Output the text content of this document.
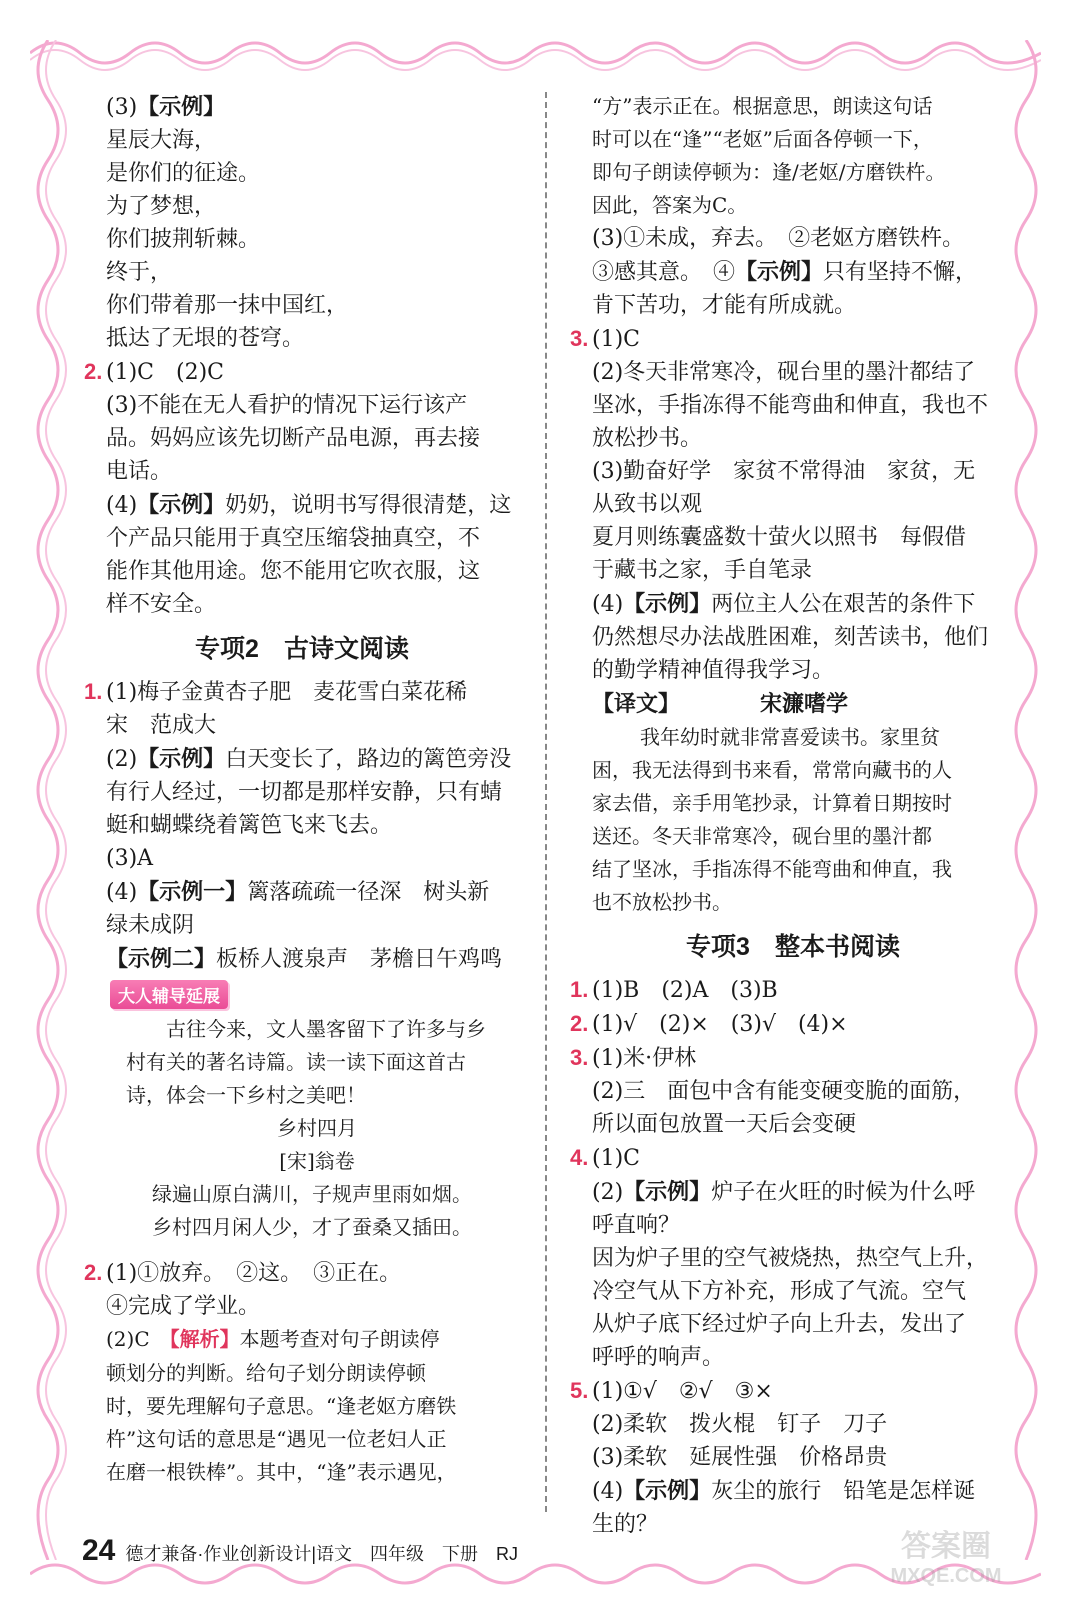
(3)【示例】
星辰大海，
是你们的征途。
为了梦想，
你们披荆斩棘。
终于，
你们带着那一抹中国红，
抵达了无垠的苍穹。
2. (1)C　(2)C
(3)不能在无人看护的情况下运行该产
品。妈妈应该先切断产品电源，再去接
电话。
(4)【示例】奶奶，说明书写得很清楚，这
个产品只能用于真空压缩袋抽真空，不
能作其他用途。您不能用它吹衣服，这
样不安全。
专项2　古诗文阅读
1. (1)梅子金黄杏子肥　麦花雪白菜花稀
宋　范成大
(2)【示例】白天变长了，路边的篱笆旁没
有行人经过，一切都是那样安静，只有蜻
蜓和蝴蝶绕着篱笆飞来飞去。
(3)A
(4)【示例一】篱落疏疏一径深　树头新
绿未成阴
【示例二】板桥人渡泉声　茅檐日午鸡鸣
大人辅导延展
古往今来，文人墨客留下了许多与乡
村有关的著名诗篇。读一读下面这首古
诗，体会一下乡村之美吧！
乡村四月
[宋]翁卷
绿遍山原白满川，子规声里雨如烟。
乡村四月闲人少，才了蚕桑又插田。
2. (1)①放弃。　②这。　③正在。
④完成了学业。
(2)C　 【解析】本题考查对句子朗读停
顿划分的判断。给句子划分朗读停顿
时，要先理解句子意思。“逢老妪方磨铁
杵”这句话的意思是“遇见一位老妇人正
在磨一根铁棒”。其中，“逢”表示遇见，
“方”表示正在。根据意思，朗读这句话
时可以在“逢”“老妪”后面各停顿一下，
即句子朗读停顿为：逢/老妪/方磨铁杵。
因此，答案为C。
(3)①未成，弃去。　②老妪方磨铁杵。
③感其意。　④【示例】只有坚持不懈，
肯下苦功，才能有所成就。
3. (1)C
(2)冬天非常寒冷，砚台里的墨汁都结了
坚冰，手指冻得不能弯曲和伸直，我也不
放松抄书。
(3)勤奋好学　家贫不常得油　家贫，无
从致书以观
夏月则练囊盛数十萤火以照书　每假借
于藏书之家，手自笔录
(4)【示例】两位主人公在艰苦的条件下
仍然想尽办法战胜困难，刻苦读书，他们
的勤学精神值得我学习。
【译文】	宋濂嗜学
我年幼时就非常喜爱读书。家里贫
困，我无法得到书来看，常常向藏书的人
家去借，亲手用笔抄录，计算着日期按时
送还。冬天非常寒冷，砚台里的墨汁都
结了坚冰，手指冻得不能弯曲和伸直，我
也不放松抄书。
专项3　整本书阅读
1. (1)B　(2)A　(3)B
2. (1)√　(2)×　(3)√　(4)×
3. (1)米·伊林
(2)三　面包中含有能变硬变脆的面筋，
所以面包放置一天后会变硬
4. (1)C
(2)【示例】炉子在火旺的时候为什么呼
呼直响？
因为炉子里的空气被烧热，热空气上升，
冷空气从下方补充，形成了气流。空气
从炉子底下经过炉子向上升去，发出了
呼呼的响声。
5. (1)①√　②√　③×
(2)柔软　拨火棍　钉子　刀子
(3)柔软　延展性强　价格昂贵
(4)【示例】灰尘的旅行　铅笔是怎样诞
生的？
24 德才兼备·作业创新设计|语文　四年级　下册　RJ	答案圈
MXQE.COM
